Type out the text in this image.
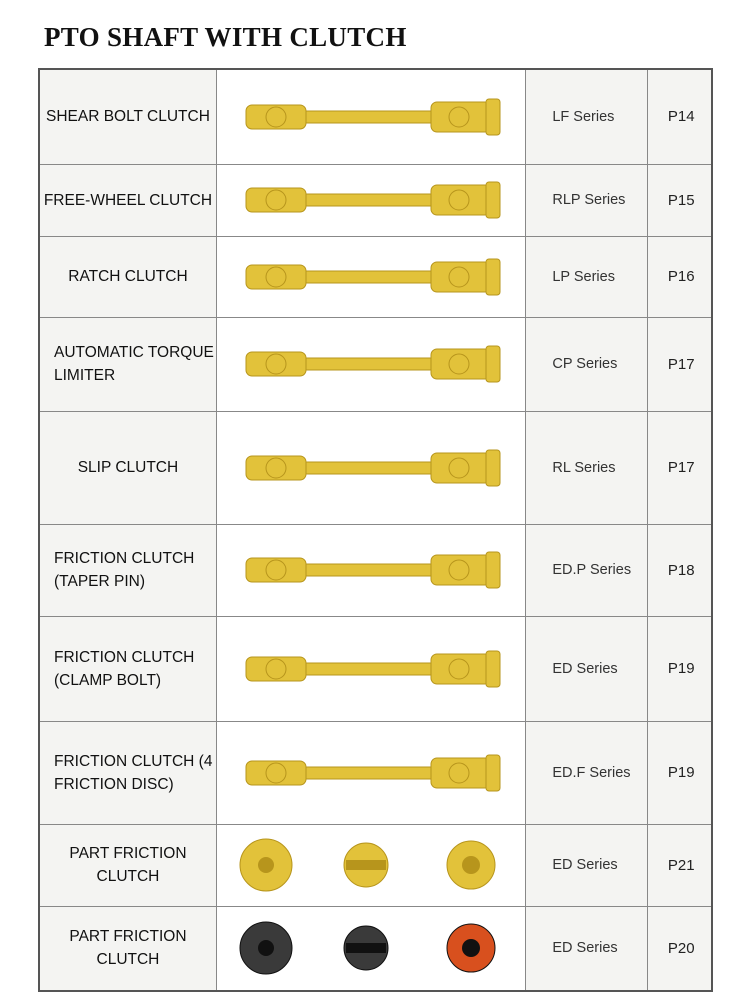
PTO SHAFT WITH CLUTCH
SHEAR BOLT CLUTCH		LF Series	P14
FREE-WHEEL CLUTCH		RLP Series	P15
RATCH CLUTCH		LP Series	P16
AUTOMATIC TORQUE LIMITER		CP Series	P17
SLIP CLUTCH		RL Series	P17
FRICTION CLUTCH (TAPER PIN)		ED.P Series	P18
FRICTION CLUTCH (CLAMP BOLT)		ED Series	P19
FRICTION CLUTCH (4 FRICTION DISC)		ED.F Series	P19
PART FRICTION CLUTCH		ED Series	P21
PART FRICTION CLUTCH		ED Series	P20
